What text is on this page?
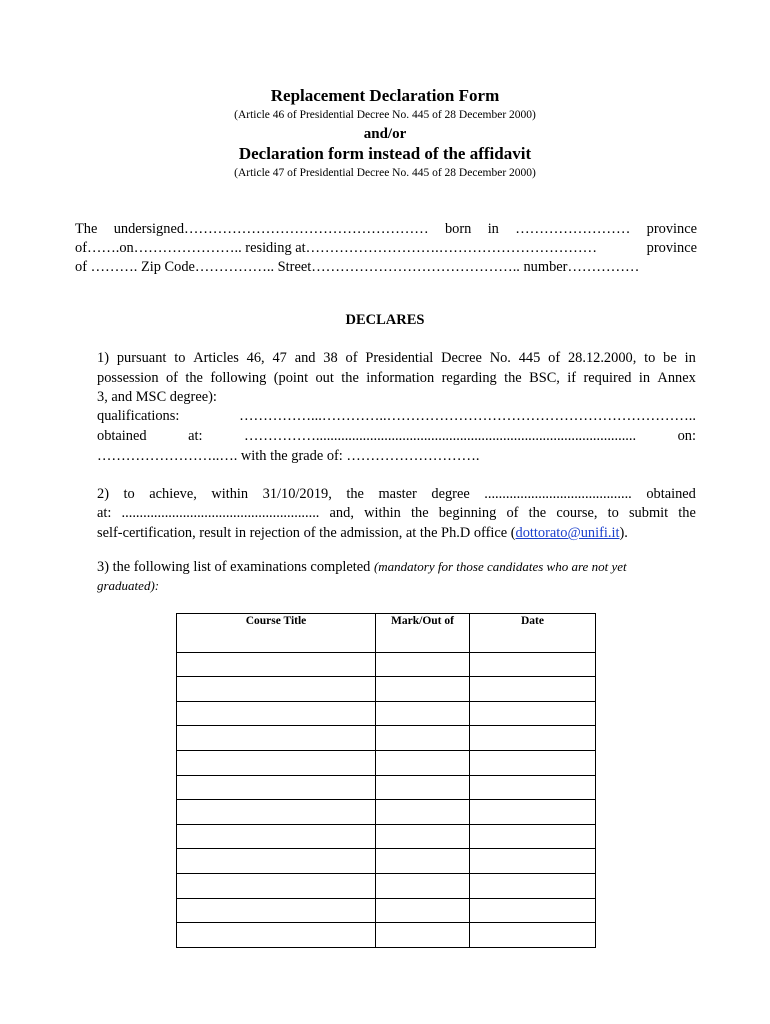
Replacement Declaration Form
(Article 46 of Presidential Decree No. 445 of 28 December 2000)
and/or
Declaration form instead of the affidavit
(Article 47 of Presidential Decree No. 445 of 28 December 2000)
The undersigned…………………………………………… born in …………………… province
of…….on………………….. residing at……………………….……………………………	province
of ………. Zip Code…………….. Street…………………………………….. number……………
DECLARES
1) pursuant to Articles 46, 47 and 38 of Presidential Decree No. 445 of 28.12.2000, to be in
possession of the following (point out the information regarding the BSC, if required in Annex
3, and MSC degree):
qualifications:	……………...…………..………………………………………………………..
obtained	at:	…………….........................................................................................	on:
……………………..…. with the grade of: ……………………….
2) to achieve, within 31/10/2019, the master degree ......................................... obtained
at: ....................................................... and, within the beginning of the course, to submit the
self-certification, result in rejection of the admission, at the Ph.D office (dottorato@unifi.it).
3) the following list of examinations completed (mandatory for those candidates who are not yet
graduated):
Course Title	Mark/Out of	Date
